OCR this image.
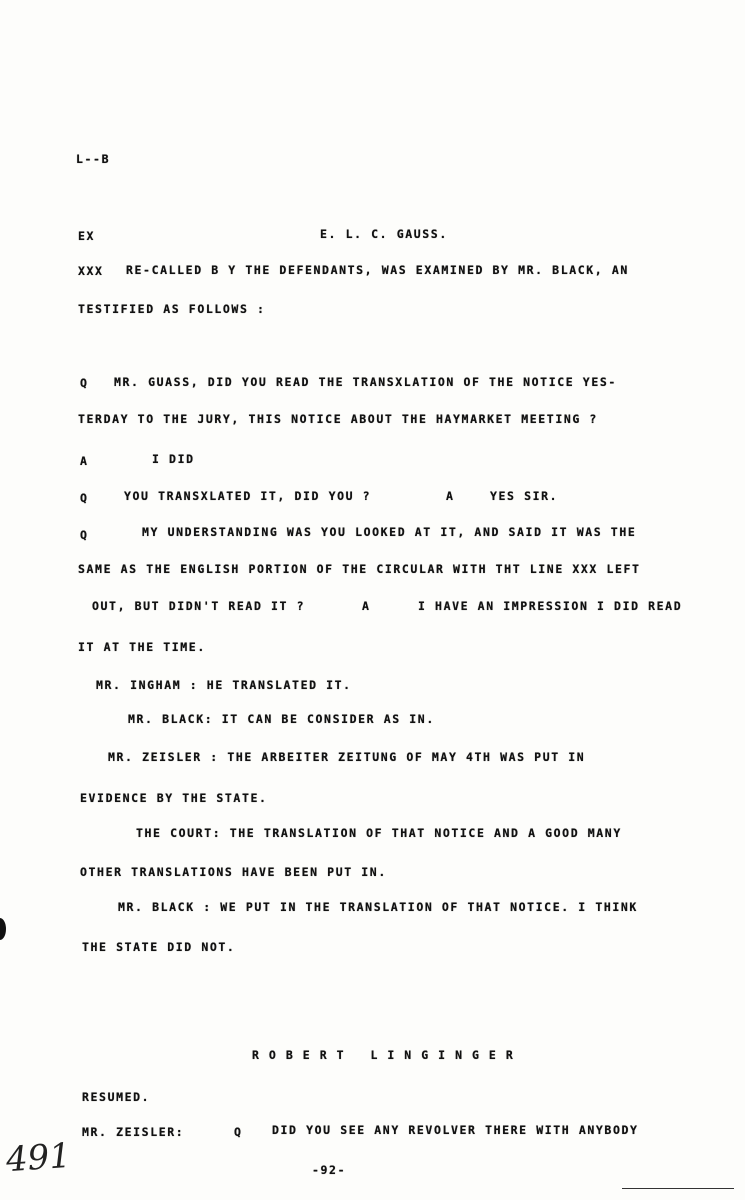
L--B
EX	E. L. C. GAUSS.
XXX RE-CALLED B Y THE DEFENDANTS, WAS EXAMINED BY MR. BLACK, AN
TESTIFIED AS FOLLOWS :
Q MR. GUASS, DID YOU READ THE TRANSXLATION OF THE NOTICE YES-
TERDAY TO THE JURY, THIS NOTICE ABOUT THE HAYMARKET MEETING ?
A	I DID
Q	YOU TRANSXLATED IT, DID YOU ?	A	YES SIR.
Q	MY UNDERSTANDING WAS YOU LOOKED AT IT, AND SAID IT WAS THE
SAME AS THE ENGLISH PORTION OF THE CIRCULAR WITH THT LINE XXX LEFT
OUT, BUT DIDN'T READ IT ?	A	I HAVE AN IMPRESSION I DID READ
IT AT THE TIME.
MR. INGHAM : HE TRANSLATED IT.
MR. BLACK: IT CAN BE CONSIDER AS IN.
MR. ZEISLER : THE ARBEITER ZEITUNG OF MAY 4TH WAS PUT IN
EVIDENCE BY THE STATE.
THE COURT: THE TRANSLATION OF THAT NOTICE AND A GOOD MANY
OTHER TRANSLATIONS HAVE BEEN PUT IN.
MR. BLACK : WE PUT IN THE TRANSLATION OF THAT NOTICE. I THINK
THE STATE DID NOT.
ROBERT LINGINGER
RESUMED.
MR. ZEISLER:	Q	DID YOU SEE ANY REVOLVER THERE WITH ANYBODY
-92-
491
